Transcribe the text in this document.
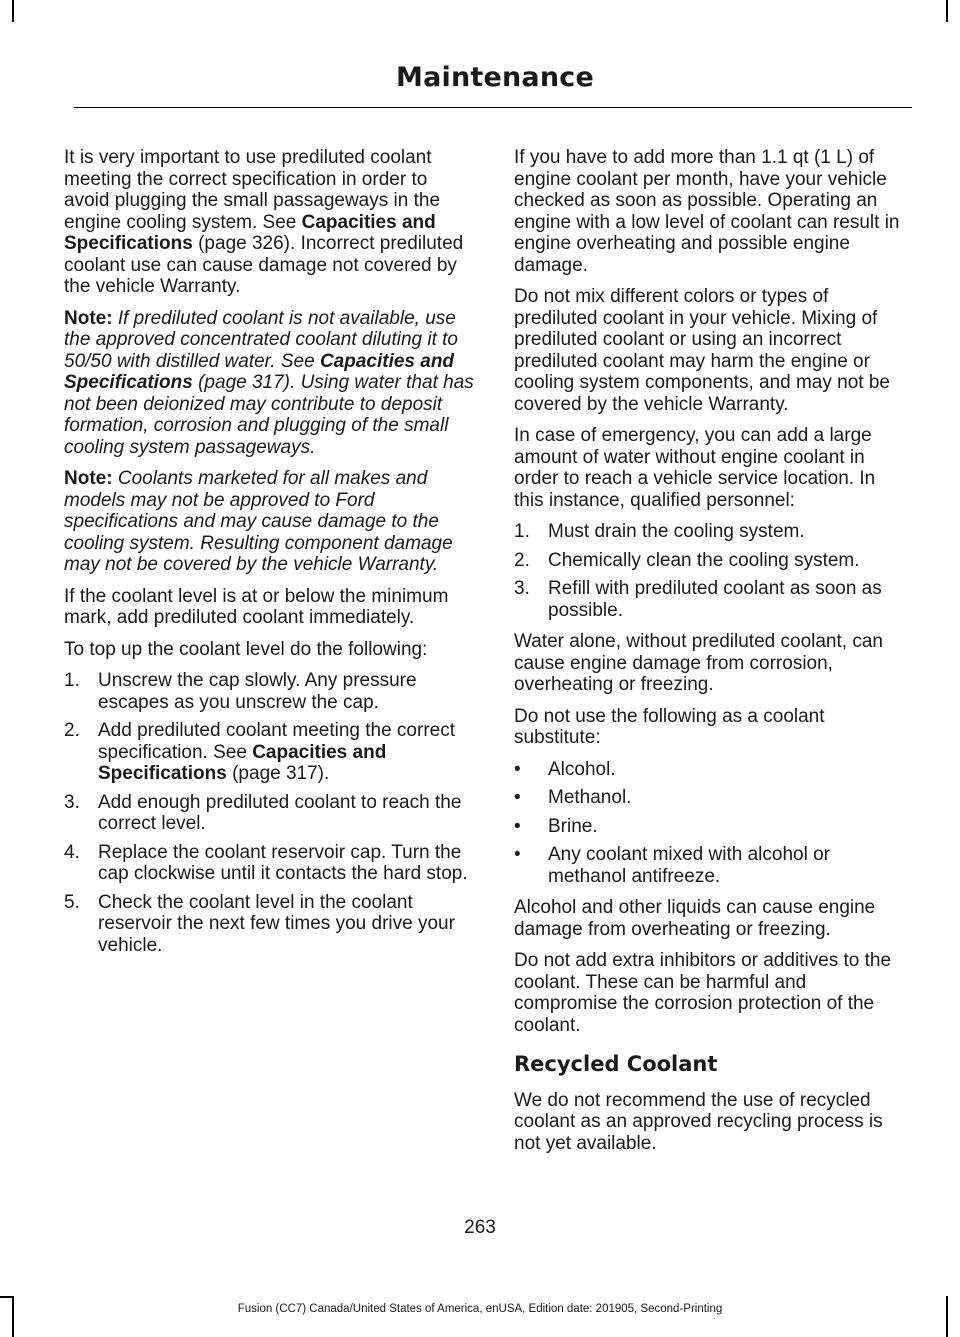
Maintenance

It is very important to use prediluted coolant meeting the correct specification in order to avoid plugging the small passageways in the engine cooling system. See Capacities and Specifications (page 326). Incorrect prediluted coolant use can cause damage not covered by the vehicle Warranty.

Note: If prediluted coolant is not available, use the approved concentrated coolant diluting it to 50/50 with distilled water. See Capacities and Specifications (page 317). Using water that has not been deionized may contribute to deposit formation, corrosion and plugging of the small cooling system passageways.

Note: Coolants marketed for all makes and models may not be approved to Ford specifications and may cause damage to the cooling system. Resulting component damage may not be covered by the vehicle Warranty.

If the coolant level is at or below the minimum mark, add prediluted coolant immediately.

To top up the coolant level do the following:

1. Unscrew the cap slowly. Any pressure escapes as you unscrew the cap.
2. Add prediluted coolant meeting the correct specification. See Capacities and Specifications (page 317).
3. Add enough prediluted coolant to reach the correct level.
4. Replace the coolant reservoir cap. Turn the cap clockwise until it contacts the hard stop.
5. Check the coolant level in the coolant reservoir the next few times you drive your vehicle.

If you have to add more than 1.1 qt (1 L) of engine coolant per month, have your vehicle checked as soon as possible. Operating an engine with a low level of coolant can result in engine overheating and possible engine damage.

Do not mix different colors or types of prediluted coolant in your vehicle. Mixing of prediluted coolant or using an incorrect prediluted coolant may harm the engine or cooling system components, and may not be covered by the vehicle Warranty.

In case of emergency, you can add a large amount of water without engine coolant in order to reach a vehicle service location. In this instance, qualified personnel:

1. Must drain the cooling system.
2. Chemically clean the cooling system.
3. Refill with prediluted coolant as soon as possible.

Water alone, without prediluted coolant, can cause engine damage from corrosion, overheating or freezing.

Do not use the following as a coolant substitute:

• Alcohol.
• Methanol.
• Brine.
• Any coolant mixed with alcohol or methanol antifreeze.

Alcohol and other liquids can cause engine damage from overheating or freezing.

Do not add extra inhibitors or additives to the coolant. These can be harmful and compromise the corrosion protection of the coolant.

Recycled Coolant

We do not recommend the use of recycled coolant as an approved recycling process is not yet available.

263
Fusion (CC7) Canada/United States of America, enUSA, Edition date: 201905, Second-Printing
